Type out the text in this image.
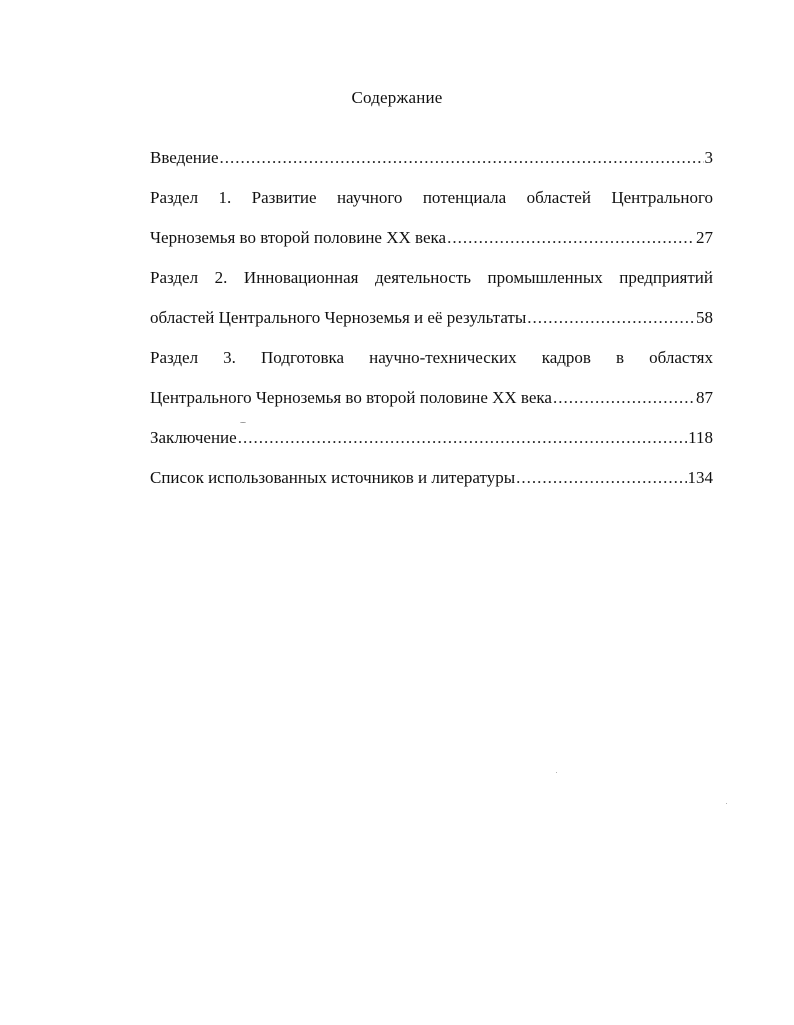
Содержание
Введение .....	3
Раздел 1. Развитие научного потенциала областей Центрального
Черноземья во второй половине XX века .....	27
Раздел 2. Инновационная деятельность промышленных предприятий
областей Центрального Черноземья и её результаты .....	58
Раздел 3. Подготовка научно-технических кадров в областях
Центрального Черноземья во второй половине XX века .....	87
Заключение .....	118
Список использованных источников и литературы .....	134
